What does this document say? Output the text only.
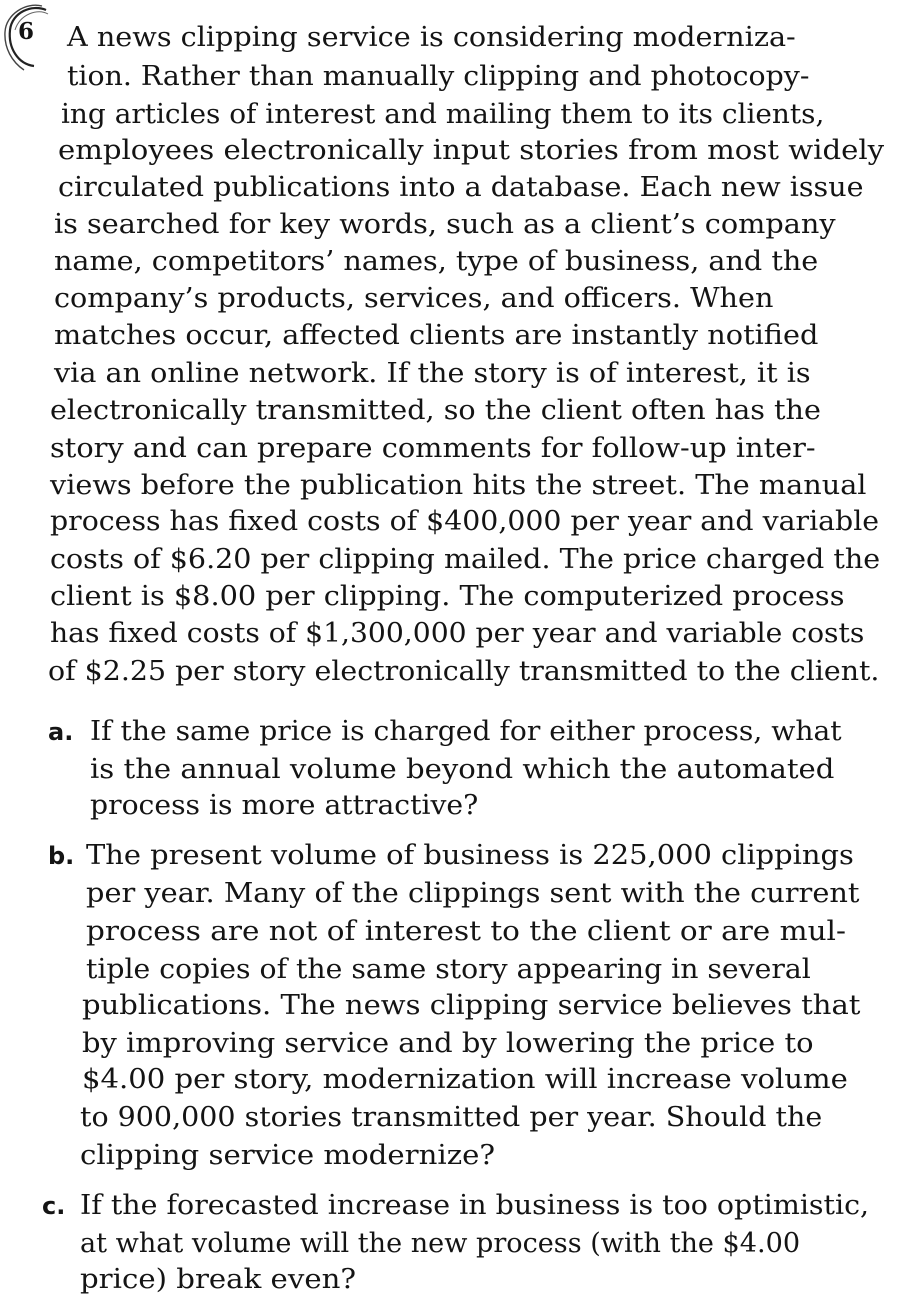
6 A news clipping service is considering moderniza-
tion. Rather than manually clipping and photocopy-
ing articles of interest and mailing them to its clients,
employees electronically input stories from most widely
circulated publications into a database. Each new issue
is searched for key words, such as a client’s company
name, competitors’ names, type of business, and the
company’s products, services, and officers. When
matches occur, affected clients are instantly notified
via an online network. If the story is of interest, it is
electronically transmitted, so the client often has the
story and can prepare comments for follow-up inter-
views before the publication hits the street. The manual
process has fixed costs of $400,000 per year and variable
costs of $6.20 per clipping mailed. The price charged the
client is $8.00 per clipping. The computerized process
has fixed costs of $1,300,000 per year and variable costs
of $2.25 per story electronically transmitted to the client.
a. If the same price is charged for either process, what
is the annual volume beyond which the automated
process is more attractive?
b. The present volume of business is 225,000 clippings
per year. Many of the clippings sent with the current
process are not of interest to the client or are mul-
tiple copies of the same story appearing in several
publications. The news clipping service believes that
by improving service and by lowering the price to
$4.00 per story, modernization will increase volume
to 900,000 stories transmitted per year. Should the
clipping service modernize?
c. If the forecasted increase in business is too optimistic,
at what volume will the new process (with the $4.00
price) break even?
